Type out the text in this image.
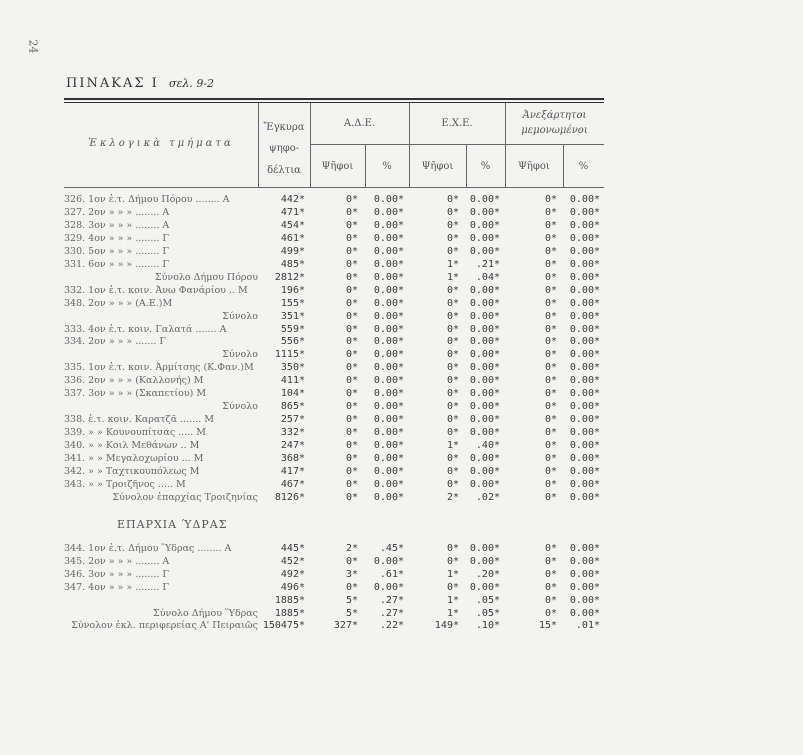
24
ΠΙΝΑΚΑΣ I σελ. 9-2
Ἐκλογικὰ τμήματα
Ἔγκυρα
ψηφο-
δέλτια
Α.Δ.Ε.	Ε.Χ.Ε.
Ἀνεξάρτητοι
μεμονωμένοι
Ψῆφοι	%	Ψῆφοι	%	Ψῆφοι	%
326. 1ον ἐ.τ. Δήμου Πόρου ........ Α	442*	0*	0.00*	0*	0.00*	0*	0.00*
327. 2ον » » » ........ Α	471*	0*	0.00*	0*	0.00*	0*	0.00*
328. 3ον » » » ........ Α	454*	0*	0.00*	0*	0.00*	0*	0.00*
329. 4ον » » » ........ Γ	461*	0*	0.00*	0*	0.00*	0*	0.00*
330. 5ον » » » ........ Γ	499*	0*	0.00*	0*	0.00*	0*	0.00*
331. 6ον » » » ........ Γ	485*	0*	0.00*	1*	.21*	0*	0.00*
Σύνολο Δήμου Πόρου	2812*	0*	0.00*	1*	.04*	0*	0.00*
332. 1ον ἐ.τ. κοιν. Ἀνω Φανάρίου .. Μ	196*	0*	0.00*	0*	0.00*	0*	0.00*
348. 2ον » » » (Α.Ε.)Μ	155*	0*	0.00*	0*	0.00*	0*	0.00*
Σύνολο	351*	0*	0.00*	0*	0.00*	0*	0.00*
333. 4ον ἐ.τ. κοιν. Γαλατά ....... Α	559*	0*	0.00*	0*	0.00*	0*	0.00*
334. 2ον » » » ....... Γ	556*	0*	0.00*	0*	0.00*	0*	0.00*
Σύνολο	1115*	0*	0.00*	0*	0.00*	0*	0.00*
335. 1ον ἐ.τ. κοιν. Ἀρμίτσης (Κ.Φαν.)Μ	350*	0*	0.00*	0*	0.00*	0*	0.00*
336. 2ον » » » (Καλλονής) Μ	411*	0*	0.00*	0*	0.00*	0*	0.00*
337. 3ον » » » (Σκαπετίου) Μ	104*	0*	0.00*	0*	0.00*	0*	0.00*
Σύνολο	865*	0*	0.00*	0*	0.00*	0*	0.00*
338. ἐ.τ. κοιν. Καρατζᾶ ....... Μ	257*	0*	0.00*	0*	0.00*	0*	0.00*
339. » » Κουνουπίτσας ..... Μ	332*	0*	0.00*	0*	0.00*	0*	0.00*
340. » » Κοιλ Μεθάνων .. Μ	247*	0*	0.00*	1*	.40*	0*	0.00*
341. » » Μεγαλοχωρίου ... Μ	368*	0*	0.00*	0*	0.00*	0*	0.00*
342. » » Ταχτικουπόλεως Μ	417*	0*	0.00*	0*	0.00*	0*	0.00*
343. » » Τροιζῆνος ..... Μ	467*	0*	0.00*	0*	0.00*	0*	0.00*
Σύνολον ἐπαρχίας Τροιζηνίας	8126*	0*	0.00*	2*	.02*	0*	0.00*
ΕΠΑΡΧΙΑ ΎΔΡΑΣ
344. 1ον ἐ.τ. Δήμου Ὕδρας ........ Α	445*	2*	.45*	0*	0.00*	0*	0.00*
345. 2ον » » » ........ Α	452*	0*	0.00*	0*	0.00*	0*	0.00*
346. 3ον » » » ........ Γ	492*	3*	.61*	1*	.20*	0*	0.00*
347. 4ον » » » ........ Γ	496*	0*	0.00*	0*	0.00*	0*	0.00*
1885*	5*	.27*	1*	.05*	0*	0.00*
Σύνολο Δήμου Ὕδρας	1885*	5*	.27*	1*	.05*	0*	0.00*
Σύνολον ἐκλ. περιφερείας Α' Πειραιῶς 150475*	327*	.22*	149*	.10*	15*	.01*
